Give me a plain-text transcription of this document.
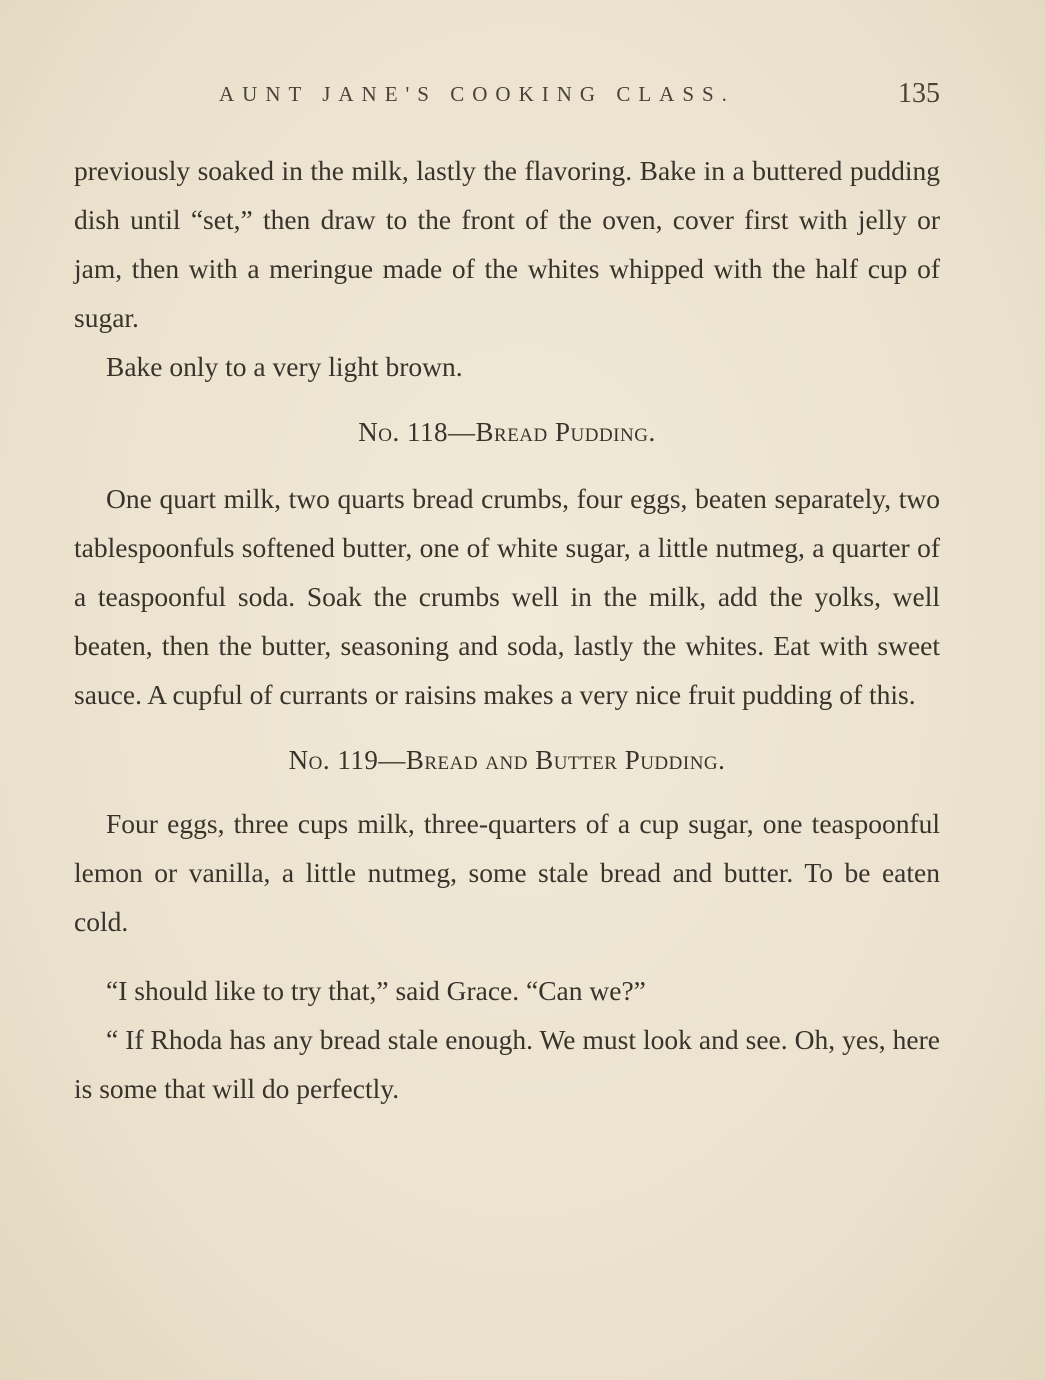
AUNT JANE'S COOKING CLASS.	135

previously soaked in the milk, lastly the flavoring. Bake in a buttered pudding dish until “set,” then draw to the front of the oven, cover first with jelly or jam, then with a meringue made of the whites whipped with the half cup of sugar.

Bake only to a very light brown.

No. 118—Bread Pudding.

One quart milk, two quarts bread crumbs, four eggs, beaten separately, two tablespoonfuls softened butter, one of white sugar, a little nutmeg, a quarter of a teaspoonful soda. Soak the crumbs well in the milk, add the yolks, well beaten, then the butter, seasoning and soda, lastly the whites. Eat with sweet sauce. A cupful of currants or raisins makes a very nice fruit pudding of this.

No. 119—Bread and Butter Pudding.

Four eggs, three cups milk, three-quarters of a cup sugar, one teaspoonful lemon or vanilla, a little nutmeg, some stale bread and butter. To be eaten cold.

“I should like to try that,” said Grace. “Can we?”

“ If Rhoda has any bread stale enough. We must look and see. Oh, yes, here is some that will do perfectly.
